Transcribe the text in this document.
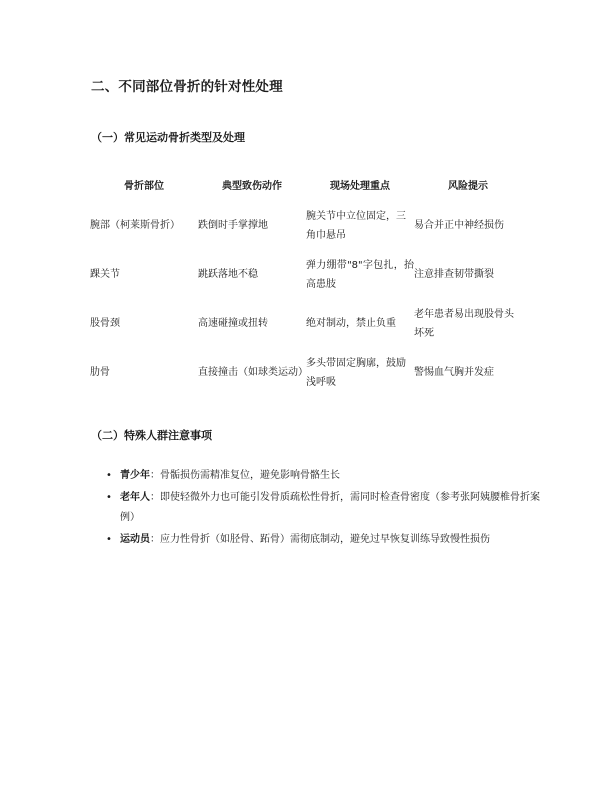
二、不同部位骨折的针对性处理
（一）常见运动骨折类型及处理
骨折部位	典型致伤动作	现场处理重点	风险提示
腕部（柯莱斯骨折）	跌倒时手掌撑地	腕关节中立位固定，三角巾悬吊	易合并正中神经损伤
踝关节	跳跃落地不稳	弹力绷带"8"字包扎，抬高患肢	注意排查韧带撕裂
股骨颈	高速碰撞或扭转	绝对制动，禁止负重	老年患者易出现股骨头坏死
肋骨	直接撞击（如球类运动）	多头带固定胸廓，鼓励浅呼吸	警惕血气胸并发症
（二）特殊人群注意事项
• 青少年：骨骺损伤需精准复位，避免影响骨骼生长
• 老年人：即使轻微外力也可能引发骨质疏松性骨折，需同时检查骨密度（参考张阿姨腰椎骨折案例）
• 运动员：应力性骨折（如胫骨、跖骨）需彻底制动，避免过早恢复训练导致慢性损伤
